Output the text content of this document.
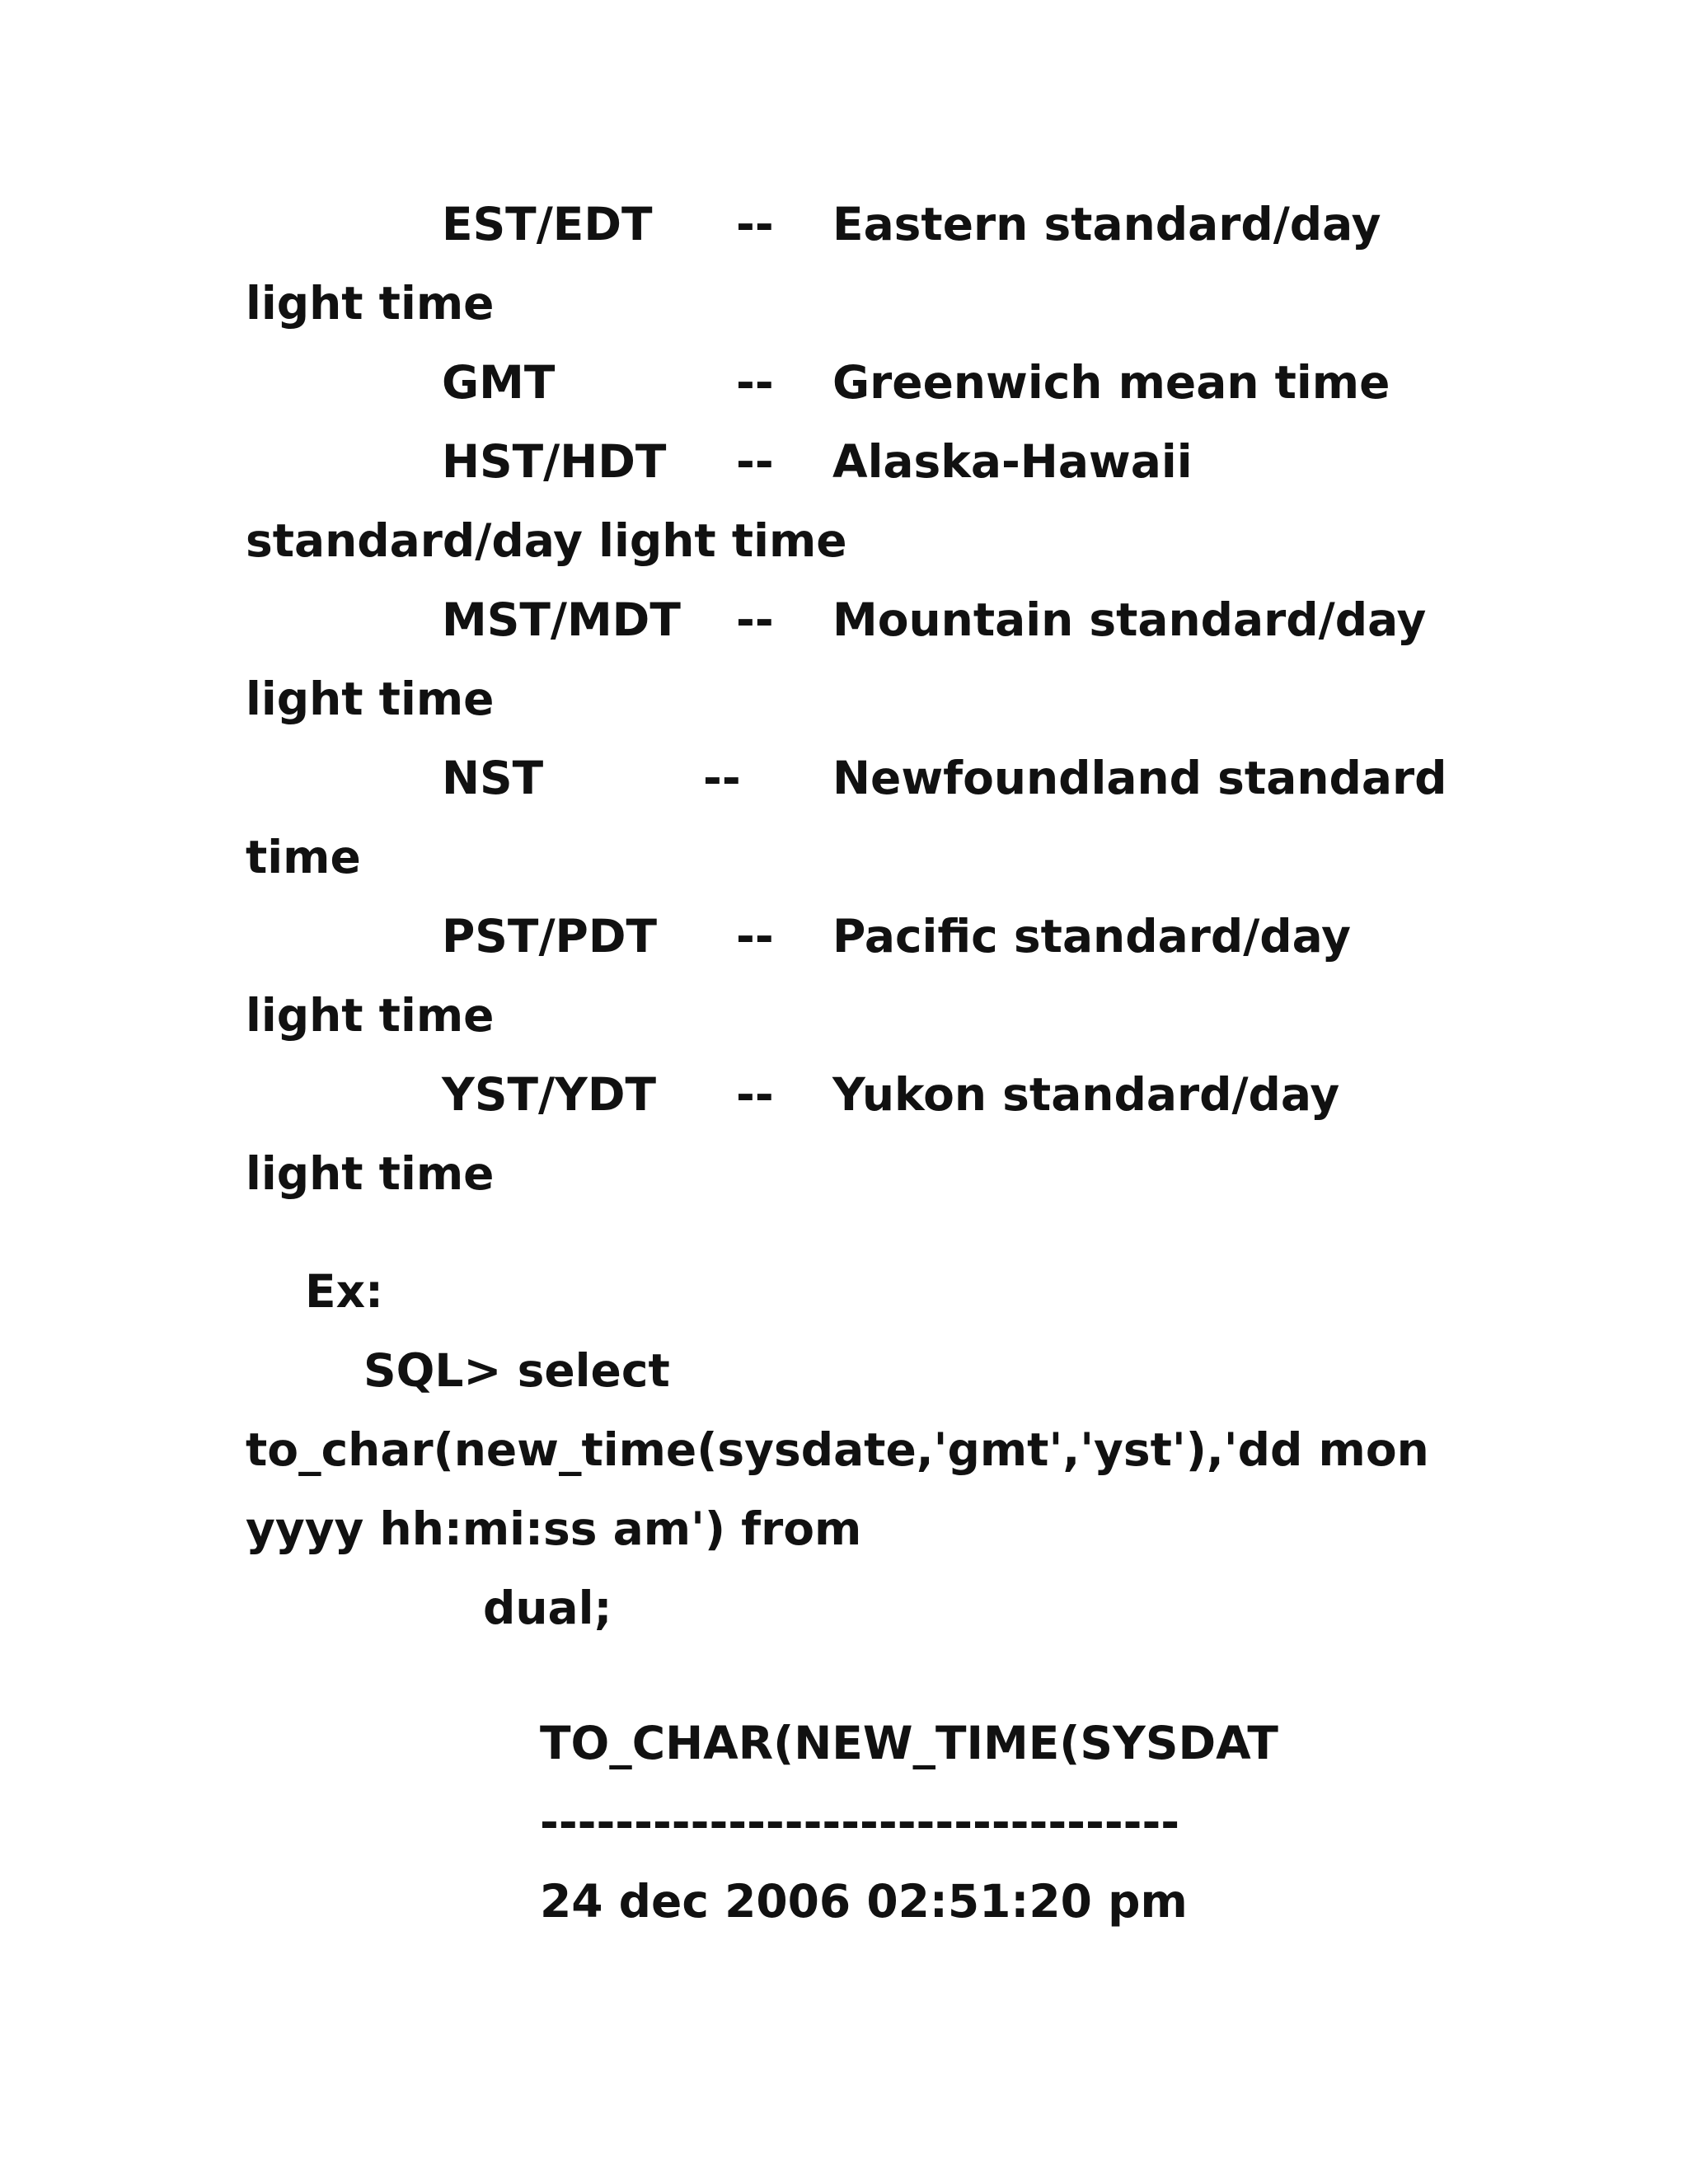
EST/EDT -- Eastern standard/day
light time
GMT	-- Greenwich mean time
HST/HDT -- Alaska-Hawaii
standard/day light time
MST/MDT -- Mountain standard/day
light time
NST	-- Newfoundland standard
time
PST/PDT -- Pacific standard/day
light time
YST/YDT -- Yukon standard/day
light time
Ex:
SQL> select
to_char(new_time(sysdate,'gmt','yst'),'dd mon
yyyy hh:mi:ss am') from
dual;
TO_CHAR(NEW_TIME(SYSDAT
----------------------------------
24 dec 2006 02:51:20 pm
